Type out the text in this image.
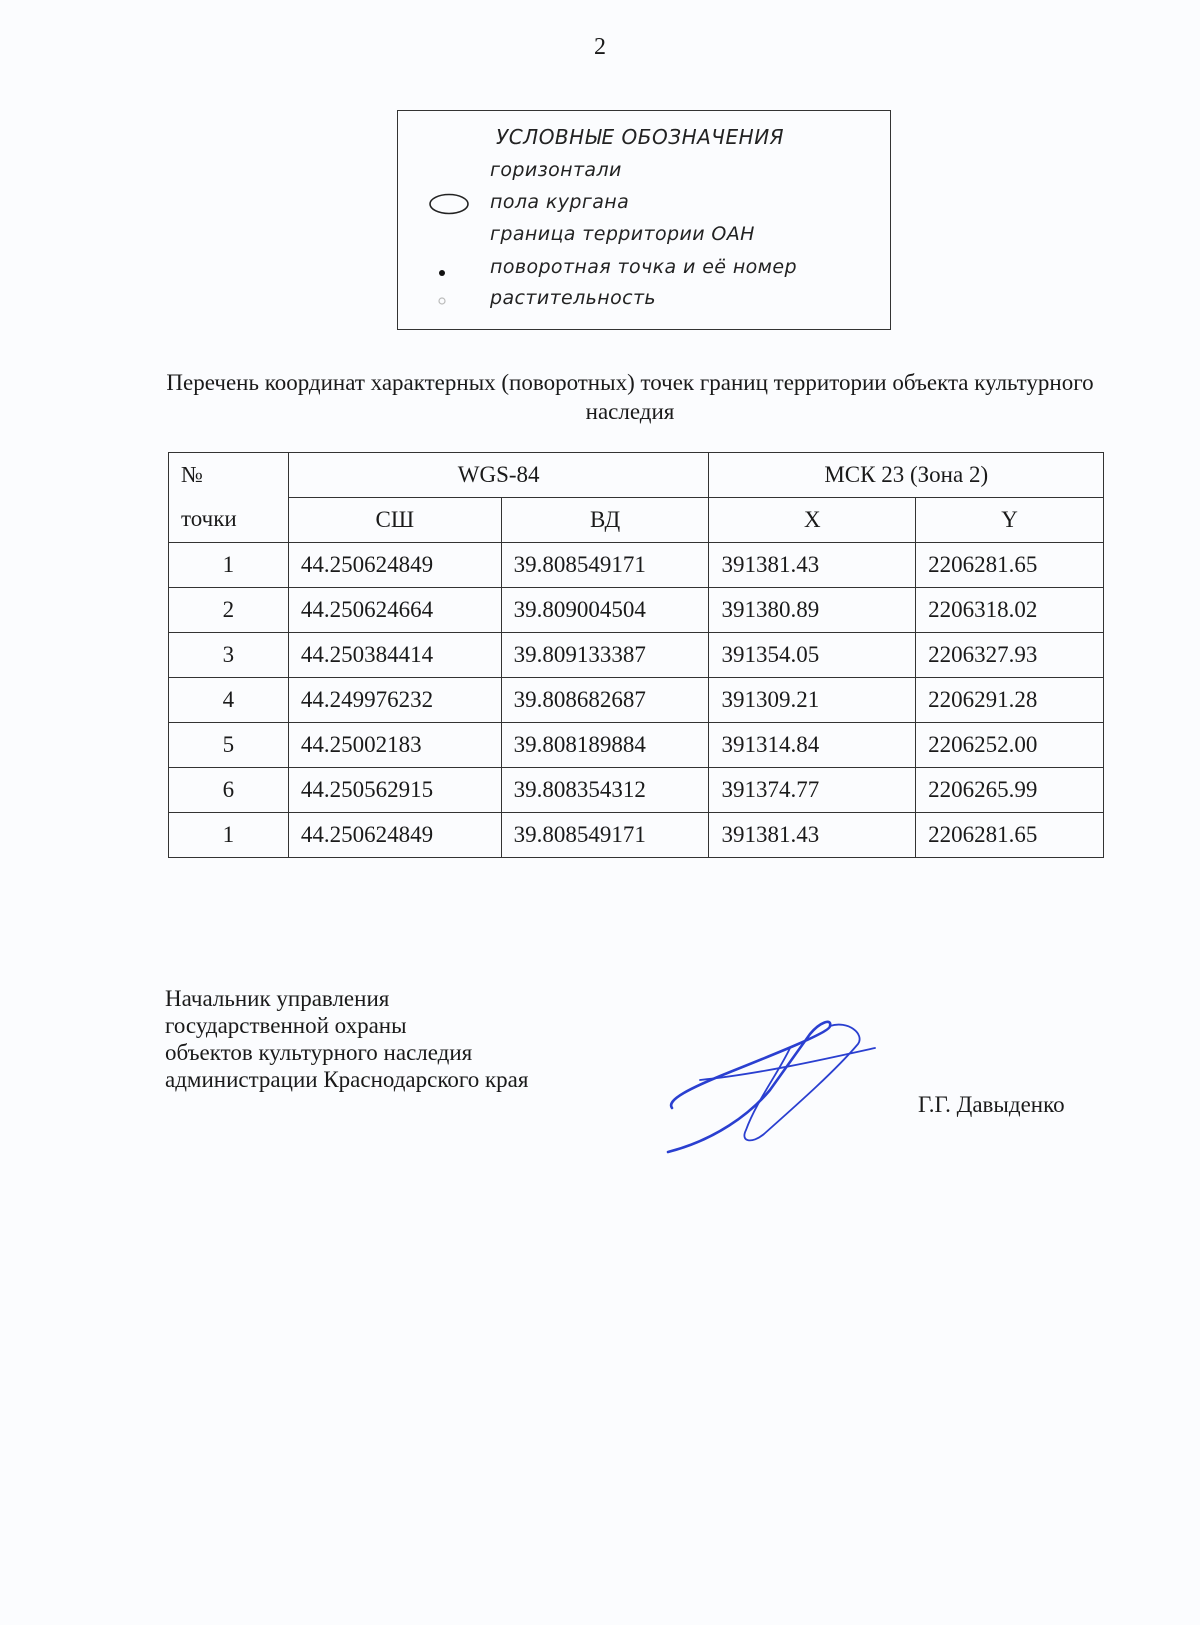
2
УСЛОВНЫЕ ОБОЗНАЧЕНИЯ
горизонтали
пола кургана
граница территории ОАН
поворотная точка и её номер
растительность
Перечень координат характерных (поворотных) точек границ территории объекта культурного наследия
№
точки	WGS-84		МСК 23 (Зона 2)	
	СШ	ВД	X	Y
1	44.250624849	39.808549171	391381.43	2206281.65
2	44.250624664	39.809004504	391380.89	2206318.02
3	44.250384414	39.809133387	391354.05	2206327.93
4	44.249976232	39.808682687	391309.21	2206291.28
5	44.25002183	39.808189884	391314.84	2206252.00
6	44.250562915	39.808354312	391374.77	2206265.99
1	44.250624849	39.808549171	391381.43	2206281.65
Начальник управления
государственной охраны
объектов культурного наследия
администрации Краснодарского края
Г.Г. Давыденко
